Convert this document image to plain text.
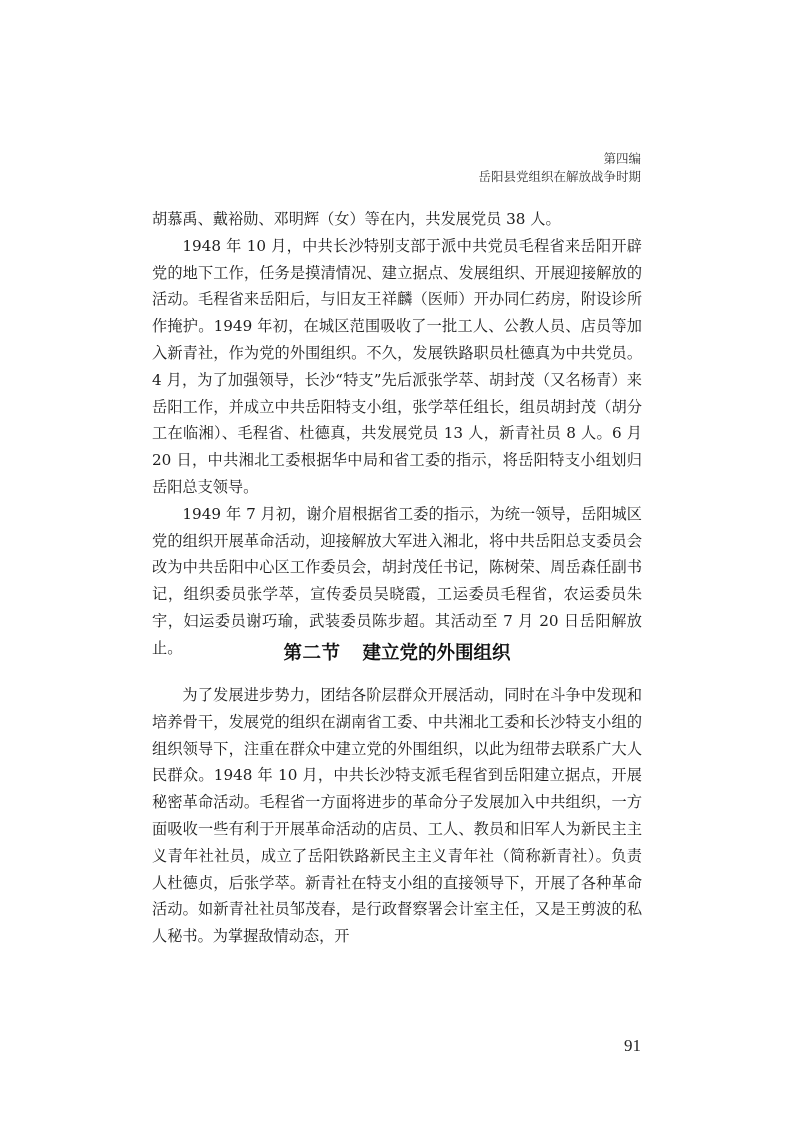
第四编
岳阳县党组织在解放战争时期

胡慕禹、戴裕勋、邓明辉（女）等在内，共发展党员 38 人。

1948 年 10 月，中共长沙特别支部于派中共党员毛程省来岳阳开辟党的地下工作，任务是摸清情况、建立据点、发展组织、开展迎接解放的活动。毛程省来岳阳后，与旧友王祥麟（医师）开办同仁药房，附设诊所作掩护。1949 年初，在城区范围吸收了一批工人、公教人员、店员等加入新青社，作为党的外围组织。不久，发展铁路职员杜德真为中共党员。4 月，为了加强领导，长沙“特支”先后派张学萃、胡封茂（又名杨青）来岳阳工作，并成立中共岳阳特支小组，张学萃任组长，组员胡封茂（胡分工在临湘）、毛程省、杜德真，共发展党员 13 人，新青社员 8 人。6 月 20 日，中共湘北工委根据华中局和省工委的指示，将岳阳特支小组划归岳阳总支领导。

1949 年 7 月初，谢介眉根据省工委的指示，为统一领导，岳阳城区党的组织开展革命活动，迎接解放大军进入湘北，将中共岳阳总支委员会改为中共岳阳中心区工作委员会，胡封茂任书记，陈树荣、周岳森任副书记，组织委员张学萃，宣传委员吴晓霞，工运委员毛程省，农运委员朱宇，妇运委员谢巧瑜，武装委员陈步超。其活动至 7 月 20 日岳阳解放止。	第二节 建立党的外围组织

为了发展进步势力，团结各阶层群众开展活动，同时在斗争中发现和培养骨干，发展党的组织在湖南省工委、中共湘北工委和长沙特支小组的组织领导下，注重在群众中建立党的外围组织，以此为纽带去联系广大人民群众。1948 年 10 月，中共长沙特支派毛程省到岳阳建立据点，开展秘密革命活动。毛程省一方面将进步的革命分子发展加入中共组织，一方面吸收一些有利于开展革命活动的店员、工人、教员和旧军人为新民主主义青年社社员，成立了岳阳铁路新民主主义青年社（简称新青社）。负责人杜德贞，后张学萃。新青社在特支小组的直接领导下，开展了各种革命活动。如新青社社员邹茂春，是行政督察署会计室主任，又是王剪波的私人秘书。为掌握敌情动态，开

91
